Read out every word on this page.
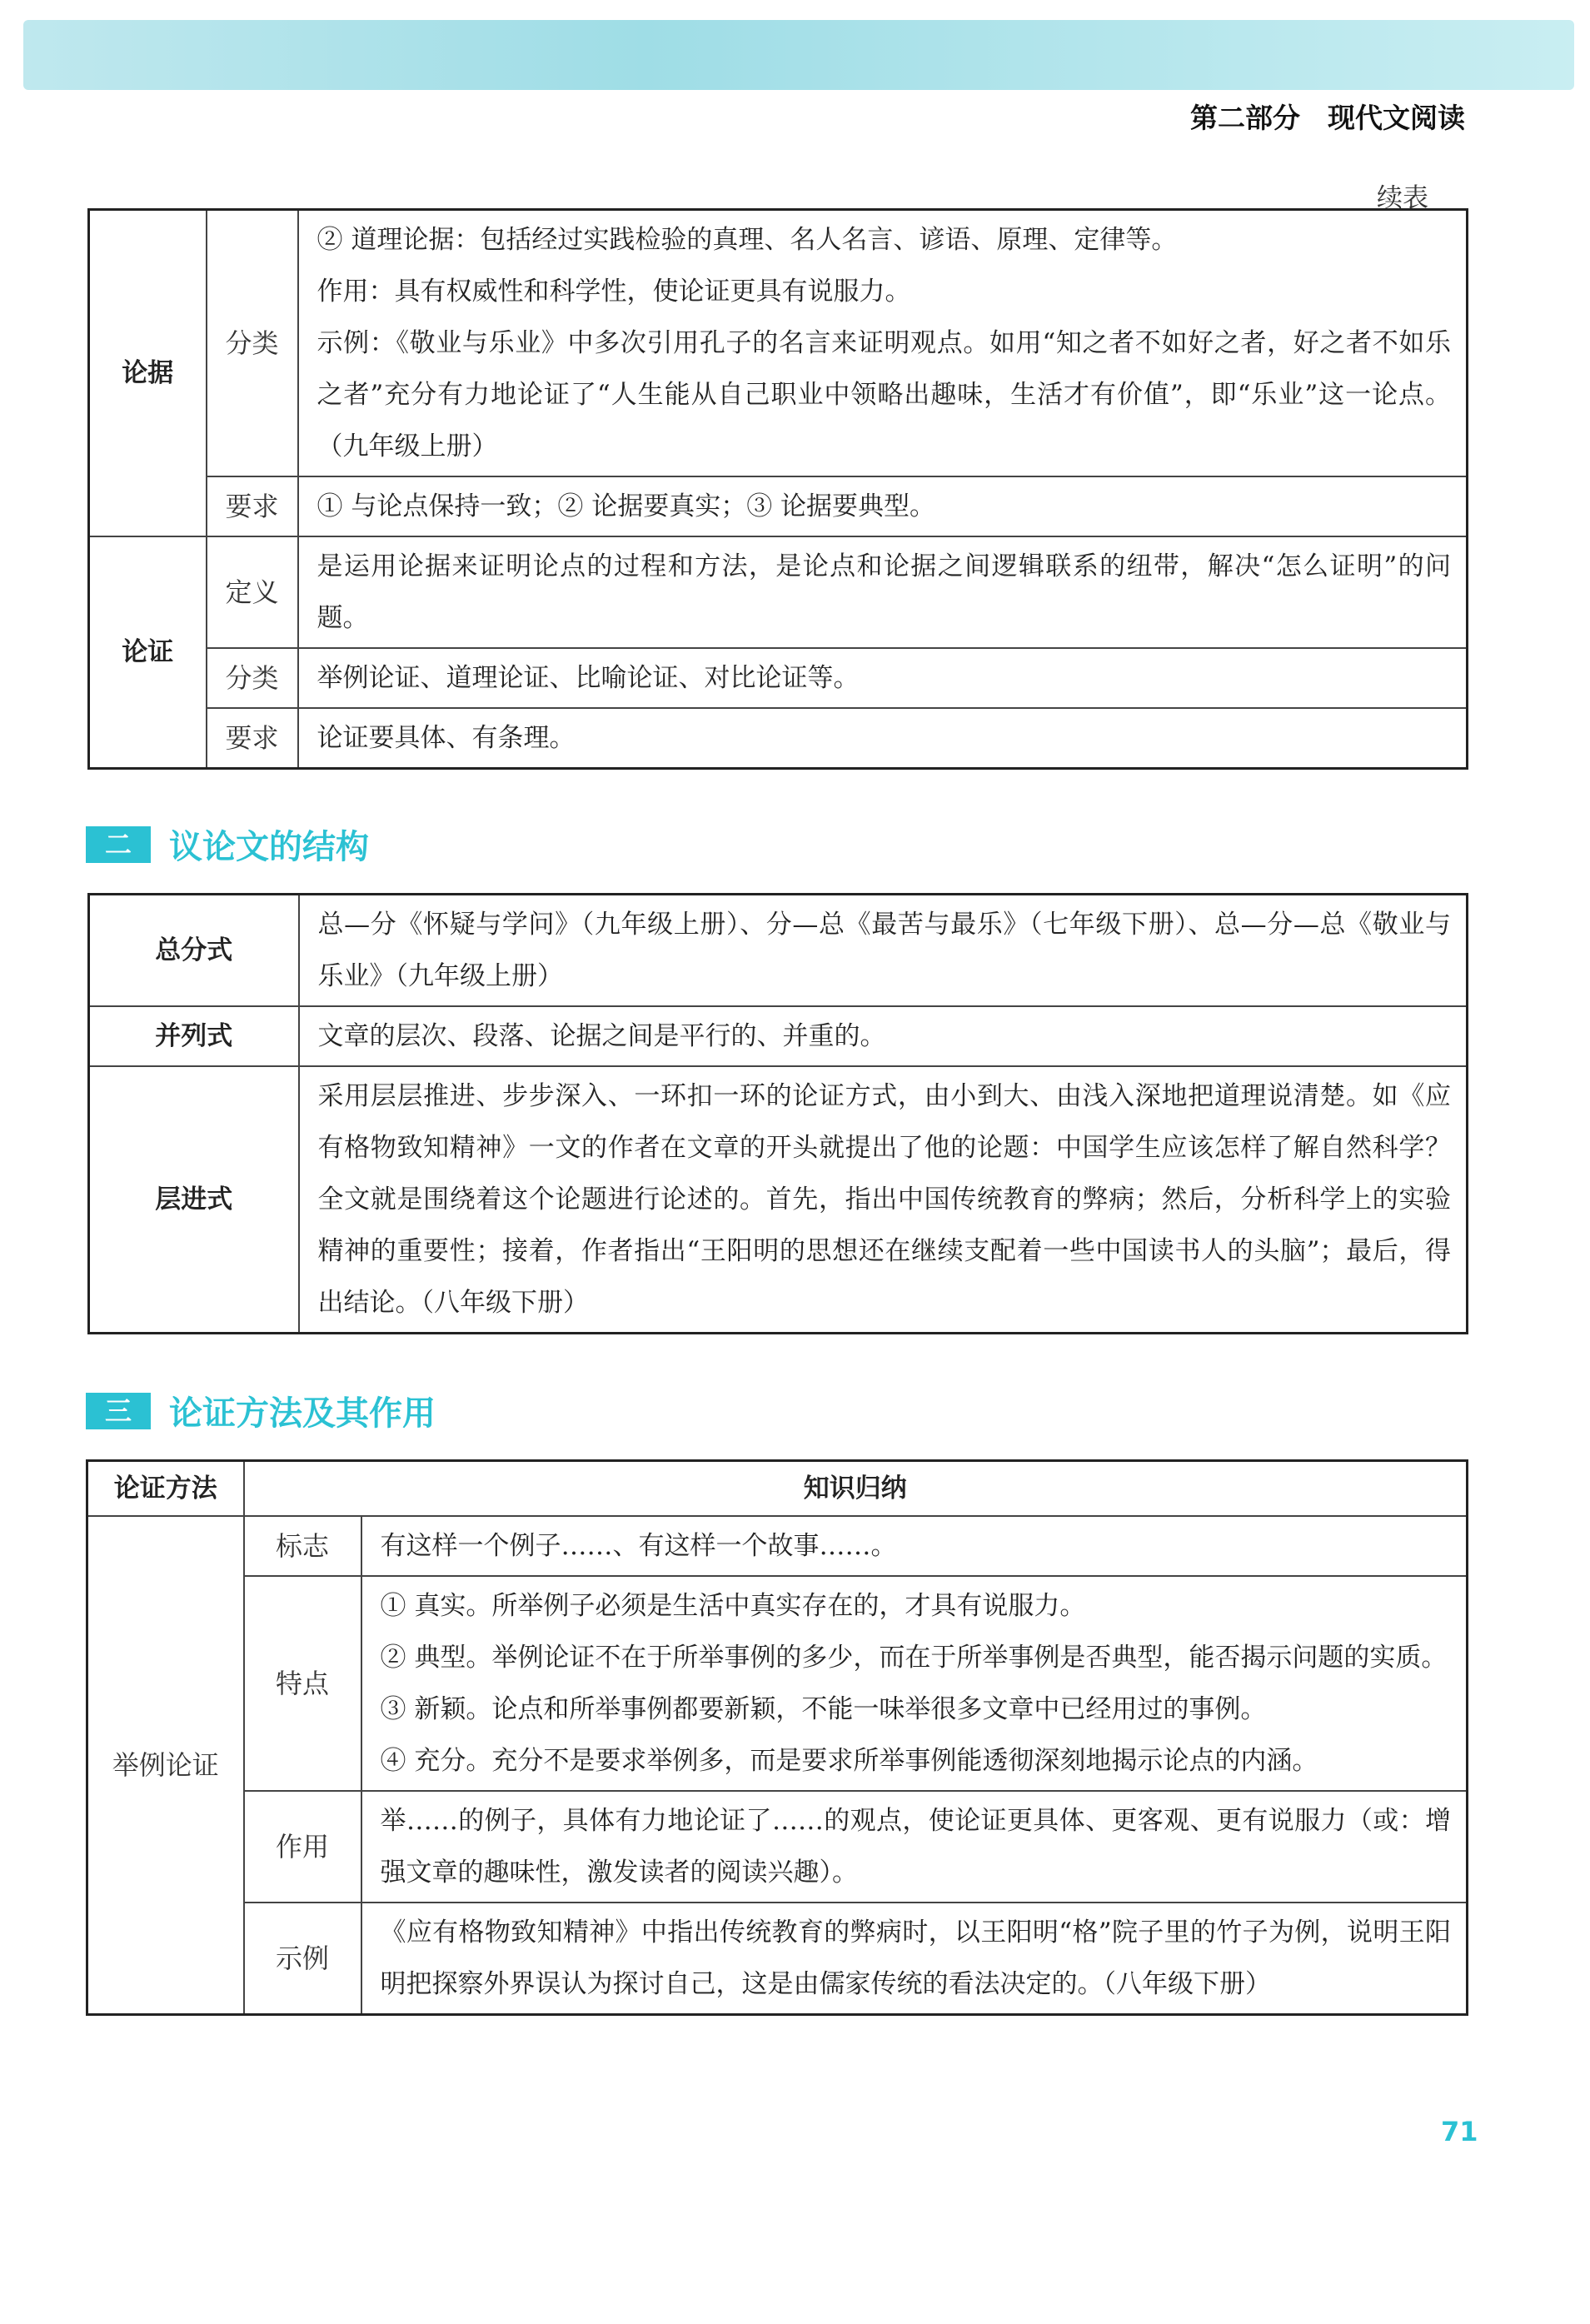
第二部分　现代文阅读
续表
论据	分类	② 道理论据：包括经过实践检验的真理、名人名言、谚语、原理、定律等。

作用：具有权威性和科学性，使论证更具有说服力。

示例：《敬业与乐业》中多次引用孔子的名言来证明观点。如用“知之者不如好之者，好之者不如乐之者”充分有力地论证了“人生能从自己职业中领略出趣味，生活才有价值”，即“乐业”这一论点。（九年级上册）

	要求	① 与论点保持一致；② 论据要真实；③ 论据要典型。

论证	定义	是运用论据来证明论点的过程和方法，是论点和论据之间逻辑联系的纽带，解决“怎么证明”的问题。

	分类	举例论证、道理论证、比喻论证、对比论证等。

	要求	论证要具体、有条理。

二	议论文的结构
总分式	总—分《怀疑与学问》（九年级上册）、分—总《最苦与最乐》（七年级下册）、总—分—总《敬业与乐业》（九年级上册）
并列式	文章的层次、段落、论据之间是平行的、并重的。
层进式	采用层层推进、步步深入、一环扣一环的论证方式，由小到大、由浅入深地把道理说清楚。如《应有格物致知精神》一文的作者在文章的开头就提出了他的论题：中国学生应该怎样了解自然科学？全文就是围绕着这个论题进行论述的。首先，指出中国传统教育的弊病；然后，分析科学上的实验精神的重要性；接着，作者指出“王阳明的思想还在继续支配着一些中国读书人的头脑”；最后，得出结论。（八年级下册）
三	论证方法及其作用
论证方法	知识归纳	
举例论证	标志	有这样一个例子……、有这样一个故事……。

	特点	① 真实。所举例子必须是生活中真实存在的，才具有说服力。

② 典型。举例论证不在于所举事例的多少，而在于所举事例是否典型，能否揭示问题的实质。

③ 新颖。论点和所举事例都要新颖，不能一味举很多文章中已经用过的事例。

④ 充分。充分不是要求举例多，而是要求所举事例能透彻深刻地揭示论点的内涵。

	作用	举……的例子，具体有力地论证了……的观点，使论证更具体、更客观、更有说服力（或：增强文章的趣味性，激发读者的阅读兴趣）。

	示例	《应有格物致知精神》中指出传统教育的弊病时，以王阳明“格”院子里的竹子为例，说明王阳明把探察外界误认为探讨自己，这是由儒家传统的看法决定的。（八年级下册）

71
